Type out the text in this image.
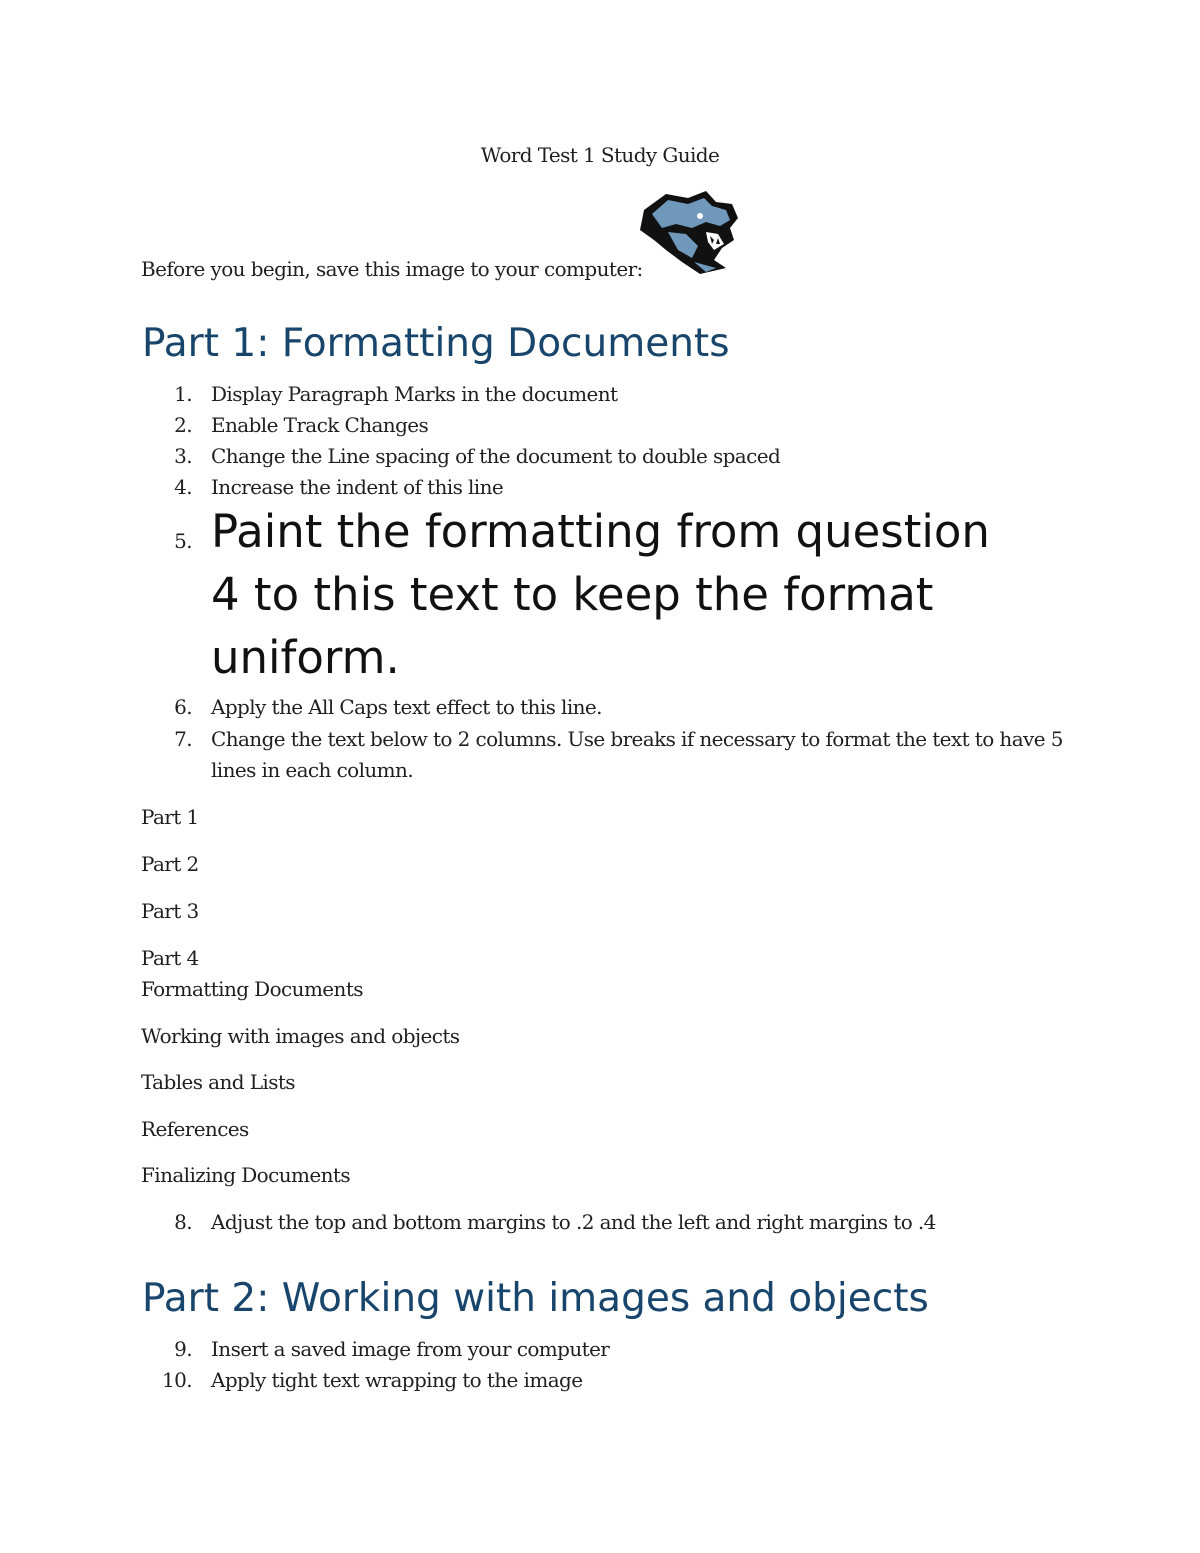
Word Test 1 Study Guide
Before you begin, save this image to your computer:
Part 1: Formatting Documents
1. Display Paragraph Marks in the document
2. Enable Track Changes
3. Change the Line spacing of the document to double spaced
4. Increase the indent of this line
5. Paint the formatting from question
4 to this text to keep the format
uniform.
6. Apply the All Caps text effect to this line.
7. Change the text below to 2 columns. Use breaks if necessary to format the text to have 5
lines in each column.
Part 1
Part 2
Part 3
Part 4
Formatting Documents
Working with images and objects
Tables and Lists
References
Finalizing Documents
8. Adjust the top and bottom margins to .2 and the left and right margins to .4
Part 2: Working with images and objects
9. Insert a saved image from your computer
10. Apply tight text wrapping to the image
